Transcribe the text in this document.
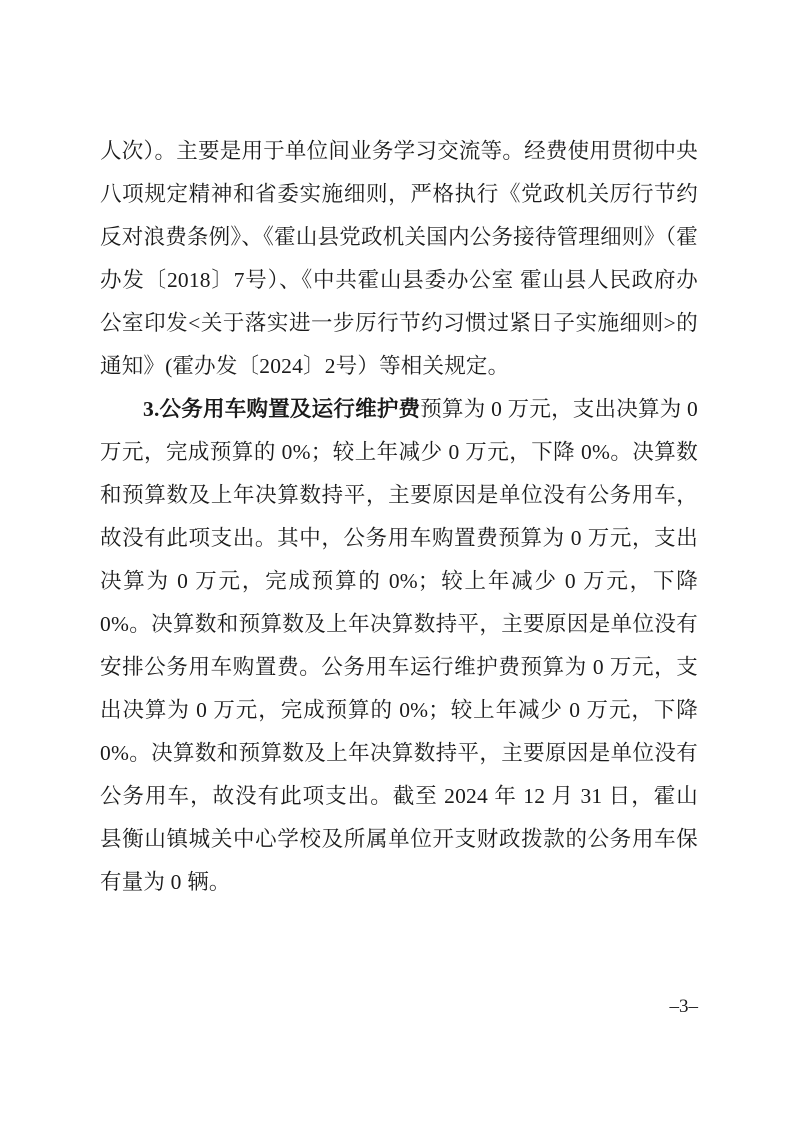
人次）。主要是用于单位间业务学习交流等。经费使用贯彻中央八项规定精神和省委实施细则，严格执行《党政机关厉行节约反对浪费条例》、《霍山县党政机关国内公务接待管理细则》（霍办发〔2018〕7号）、《中共霍山县委办公室 霍山县人民政府办公室印发<关于落实进一步厉行节约习惯过紧日子实施细则>的通知》(霍办发〔2024〕2号）等相关规定。

3.公务用车购置及运行维护费预算为 0 万元，支出决算为 0 万元，完成预算的 0%；较上年减少 0 万元，下降 0%。决算数和预算数及上年决算数持平，主要原因是单位没有公务用车，故没有此项支出。其中，公务用车购置费预算为 0 万元，支出决算为 0 万元，完成预算的 0%；较上年减少 0 万元，下降 0%。决算数和预算数及上年决算数持平，主要原因是单位没有安排公务用车购置费。公务用车运行维护费预算为 0 万元，支出决算为 0 万元，完成预算的 0%；较上年减少 0 万元，下降 0%。决算数和预算数及上年决算数持平，主要原因是单位没有公务用车，故没有此项支出。截至 2024 年 12 月 31 日，霍山县衡山镇城关中心学校及所属单位开支财政拨款的公务用车保有量为 0 辆。

–3–
